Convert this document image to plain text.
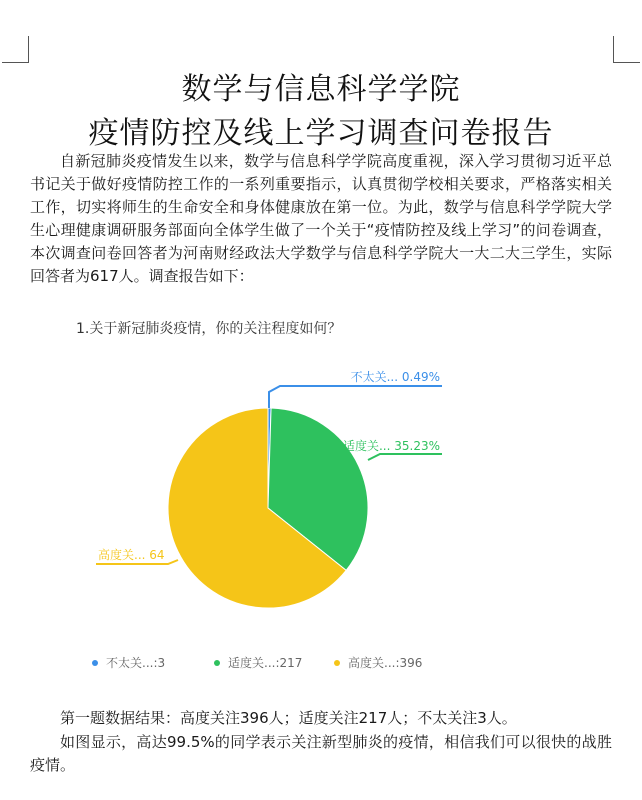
数学与信息科学学院
疫情防控及线上学习调查问卷报告
自新冠肺炎疫情发生以来，数学与信息科学学院高度重视，深入学习贯彻习近平总书记关于做好疫情防控工作的一系列重要指示，认真贯彻学校相关要求，严格落实相关工作，切实将师生的生命安全和身体健康放在第一位。为此，数学与信息科学学院大学生心理健康调研服务部面向全体学生做了一个关于“疫情防控及线上学习”的问卷调查，本次调查问卷回答者为河南财经政法大学数学与信息科学学院大一大二大三学生，实际回答者为617人。调查报告如下：
1.关于新冠肺炎疫情，你的关注程度如何？
不太关... 0.49%
适度关... 35.23%
高度关... 64
不太关...:3	适度关...:217	高度关...:396
第一题数据结果：高度关注396人；适度关注217人；不太关注3人。
如图显示，高达99.5%的同学表示关注新型肺炎的疫情，相信我们可以很快的战胜疫情。
